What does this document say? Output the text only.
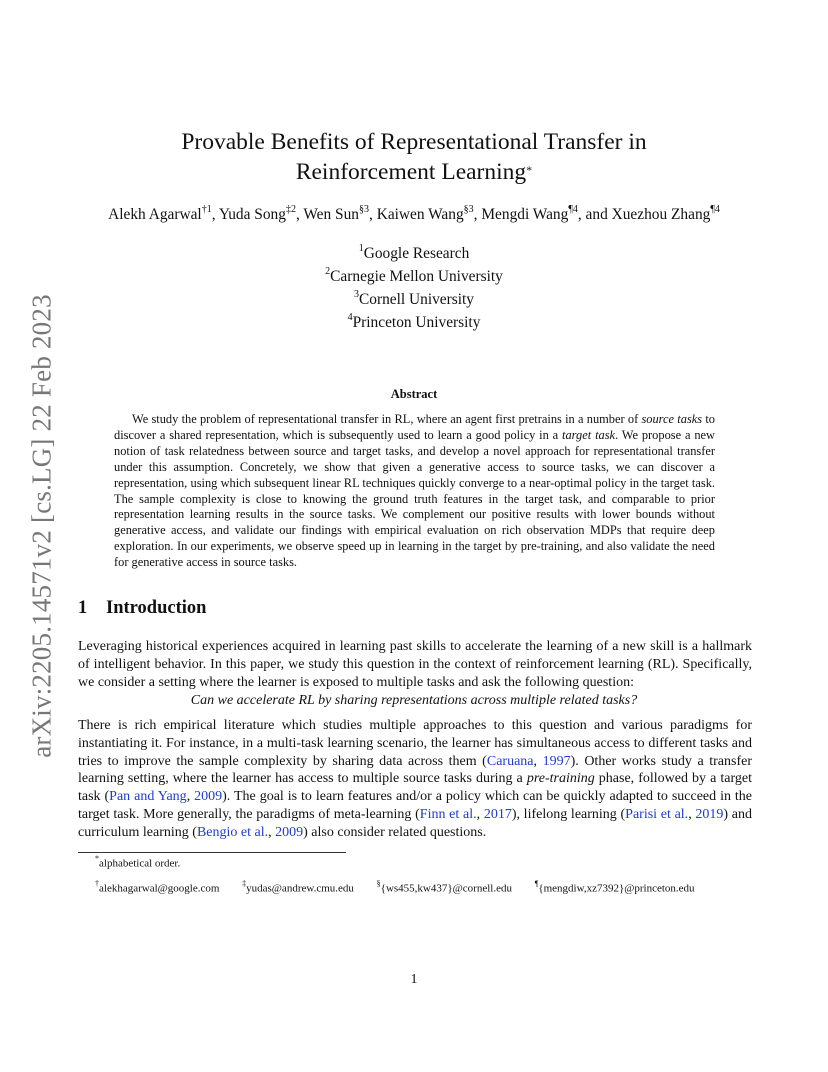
arXiv:2205.14571v2 [cs.LG] 22 Feb 2023
Provable Benefits of Representational Transfer in
Reinforcement Learning*
Alekh Agarwal$^{\dagger 1}$, Yuda Song$^{\ddagger 2}$, Wen Sun$^{\S 3}$, Kaiwen Wang$^{\S 3}$, Mengdi Wang$^{\P 4}$, and Xuezhou Zhang$^{\P 4}$
$^1$Google Research
$^2$Carnegie Mellon University
$^3$Cornell University
$^4$Princeton University
Abstract
We study the problem of representational transfer in RL, where an agent first pretrains in a number of source tasks to discover a shared representation, which is subsequently used to learn a good policy in a target task. We propose a new notion of task relatedness between source and target tasks, and develop a novel approach for representational transfer under this assumption. Concretely, we show that given a generative access to source tasks, we can discover a representation, using which subsequent linear RL techniques quickly converge to a near-optimal policy in the target task. The sample complexity is close to knowing the ground truth features in the target task, and comparable to prior representation learning results in the source tasks. We complement our positive results with lower bounds without generative access, and validate our findings with empirical evaluation on rich observation MDPs that require deep exploration. In our experiments, we observe speed up in learning in the target by pre-training, and also validate the need for generative access in source tasks.
1 Introduction
Leveraging historical experiences acquired in learning past skills to accelerate the learning of a new skill is a hallmark of intelligent behavior. In this paper, we study this question in the context of reinforcement learning (RL). Specifically, we consider a setting where the learner is exposed to multiple tasks and ask the following question:
Can we accelerate RL by sharing representations across multiple related tasks?
There is rich empirical literature which studies multiple approaches to this question and various paradigms for instantiating it. For instance, in a multi-task learning scenario, the learner has simultaneous access to different tasks and tries to improve the sample complexity by sharing data across them (Caruana, 1997). Other works study a transfer learning setting, where the learner has access to multiple source tasks during a pre-training phase, followed by a target task (Pan and Yang, 2009). The goal is to learn features and/or a policy which can be quickly adapted to succeed in the target task. More generally, the paradigms of meta-learning (Finn et al., 2017), lifelong learning (Parisi et al., 2019) and curriculum learning (Bengio et al., 2009) also consider related questions.
*alphabetical order.
†alekhagarwal@google.com	‡yudas@andrew.cmu.edu	§{ws455,kw437}@cornell.edu	¶{mengdiw,xz7392}@princeton.edu
1
